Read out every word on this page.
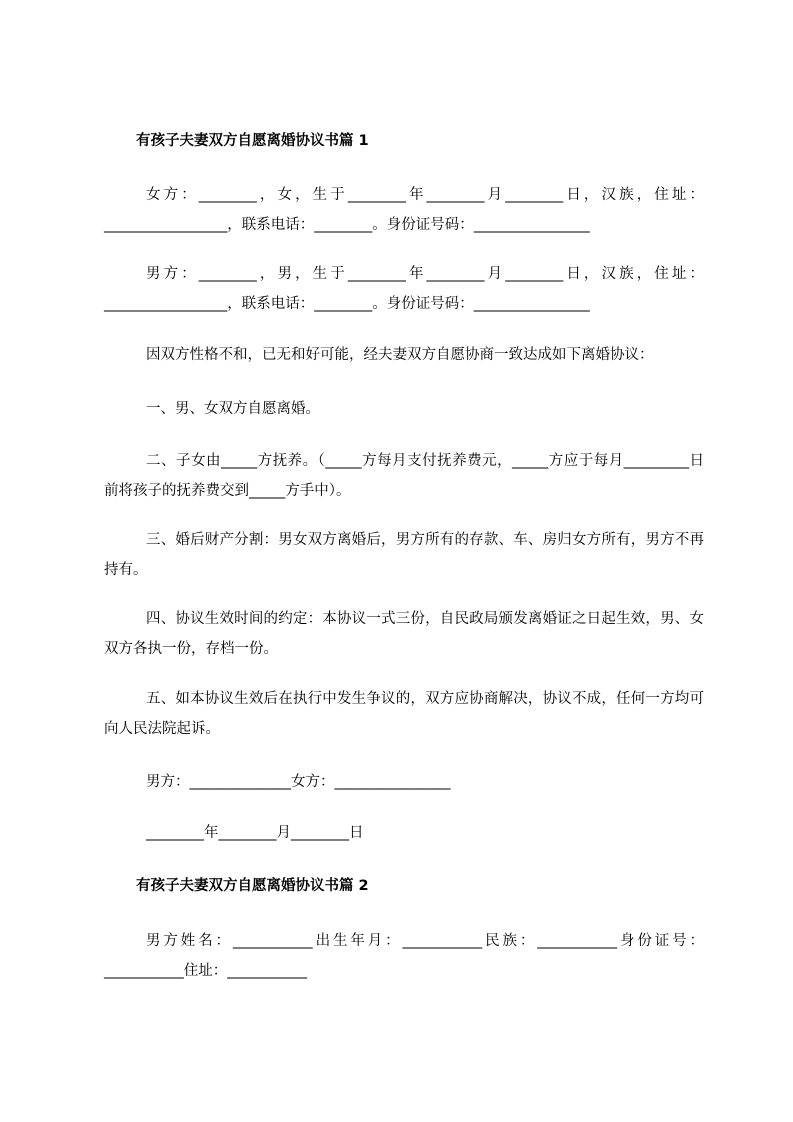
有孩子夫妻双方自愿离婚协议书篇 1
女方：________，女，生于________年________月________日，汉族，住址：_________________，联系电话：________。身份证号码：________________
男方：________，男，生于________年________月________日，汉族，住址：_________________，联系电话：________。身份证号码：________________
因双方性格不和，已无和好可能，经夫妻双方自愿协商一致达成如下离婚协议：
一、男、女双方自愿离婚。
二、子女由_____方抚养。（_____方每月支付抚养费元，_____方应于每月_________日前将孩子的抚养费交到_____方手中）。
三、婚后财产分割：男女双方离婚后，男方所有的存款、车、房归女方所有，男方不再持有。
四、协议生效时间的约定：本协议一式三份，自民政局颁发离婚证之日起生效，男、女双方各执一份，存档一份。
五、如本协议生效后在执行中发生争议的，双方应协商解决，协议不成，任何一方均可向人民法院起诉。
男方：______________女方：________________
________年________月________日
有孩子夫妻双方自愿离婚协议书篇 2
男方姓名：___________出生年月：___________民族：___________身份证号：___________住址：___________
